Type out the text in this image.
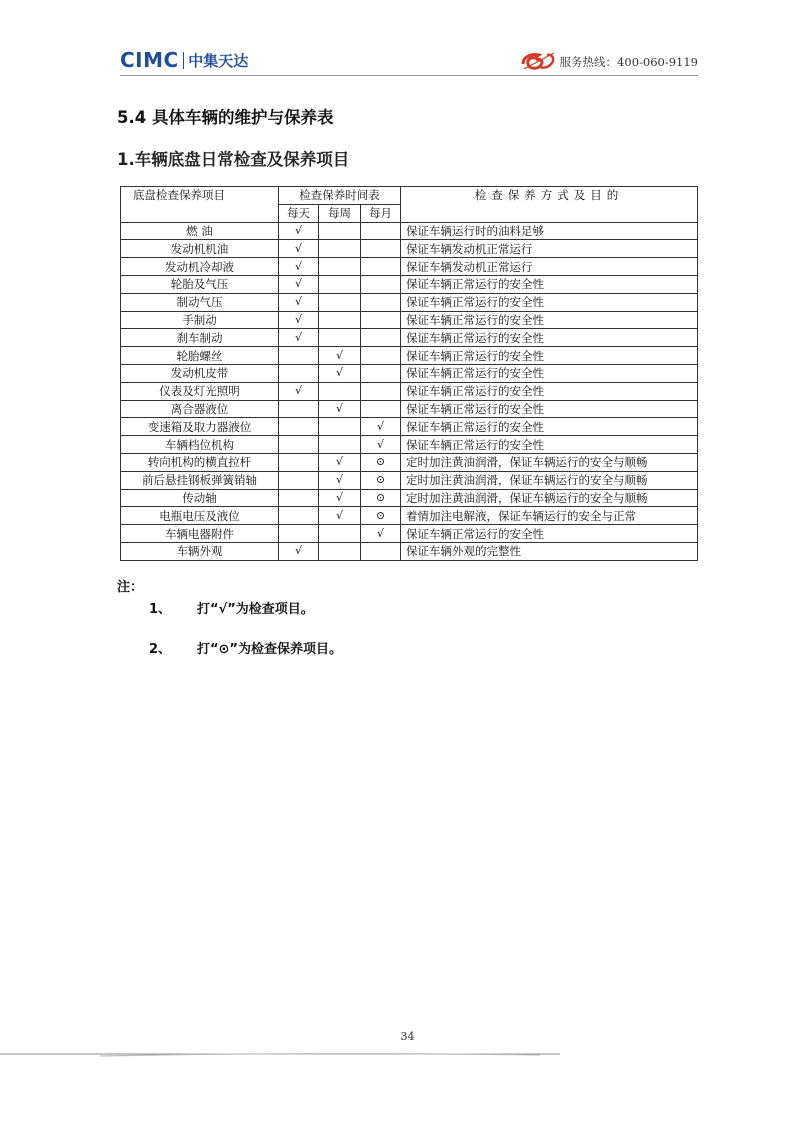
CIMC 中集天达	服务热线：400-060-9119
5.4 具体车辆的维护与保养表
1.车辆底盘日常检查及保养项目
底盘检查保养项目	检查保养时间表			检查保养方式及目的
	每天	每周	每月	
燃 油	√			保证车辆运行时的油料足够
发动机机油	√			保证车辆发动机正常运行
发动机冷却液	√			保证车辆发动机正常运行
轮胎及气压	√			保证车辆正常运行的安全性
制动气压	√			保证车辆正常运行的安全性
手制动	√			保证车辆正常运行的安全性
刹车制动	√			保证车辆正常运行的安全性
轮胎螺丝		√		保证车辆正常运行的安全性
发动机皮带		√		保证车辆正常运行的安全性
仪表及灯光照明	√			保证车辆正常运行的安全性
离合器液位		√		保证车辆正常运行的安全性
变速箱及取力器液位			√	保证车辆正常运行的安全性
车辆档位机构			√	保证车辆正常运行的安全性
转向机构的横直拉杆		√	⊙	定时加注黄油润滑，保证车辆运行的安全与顺畅
前后悬挂钢板弹簧销轴		√	⊙	定时加注黄油润滑，保证车辆运行的安全与顺畅
传动轴		√	⊙	定时加注黄油润滑，保证车辆运行的安全与顺畅
电瓶电压及液位		√	⊙	着情加注电解液，保证车辆运行的安全与正常
车辆电器附件			√	保证车辆正常运行的安全性
车辆外观	√			保证车辆外观的完整性

注：

1、 打“√”为检查项目。
2、 打“⊙”为检查保养项目。
34
